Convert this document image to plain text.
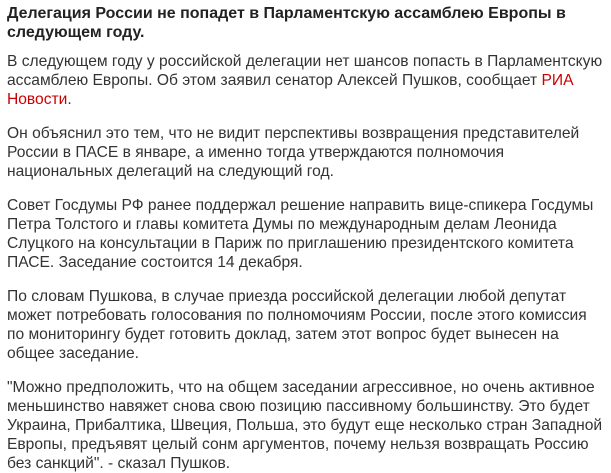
Делегация России не попадет в Парламентскую ассамблею Европы в следующем году.

В следующем году у российской делегации нет шансов попасть в Парламентскую ассамблею Европы. Об этом заявил сенатор Алексей Пушков, сообщает РИА Новости.

Он объяснил это тем, что не видит перспективы возвращения представителей России в ПАСЕ в январе, а именно тогда утверждаются полномочия национальных делегаций на следующий год.

Совет Госдумы РФ ранее поддержал решение направить вице-спикера Госдумы Петра Толстого и главы комитета Думы по международным делам Леонида Слуцкого на консультации в Париж по приглашению президентского комитета ПАСЕ. Заседание состоится 14 декабря.

По словам Пушкова, в случае приезда российской делегации любой депутат может потребовать голосования по полномочиям России, после этого комиссия по мониторингу будет готовить доклад, затем этот вопрос будет вынесен на общее заседание.

"Можно предположить, что на общем заседании агрессивное, но очень активное меньшинство навяжет снова свою позицию пассивному большинству. Это будет Украина, Прибалтика, Швеция, Польша, это будут еще несколько стран Западной Европы, предъявят целый сонм аргументов, почему нельзя возвращать Россию без санкций". - сказал Пушков.
